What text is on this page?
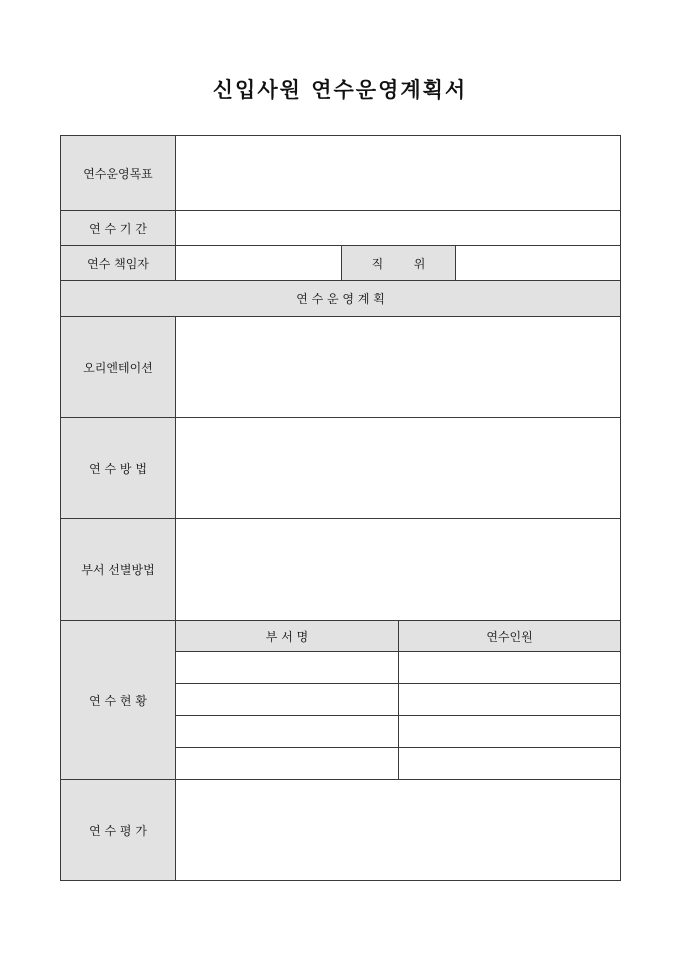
신입사원 연수운영계획서
연수운영목표				
연 수 기 간				
연수 책임자		직        위		
연 수 운 영 계 획				
오리엔테이션				
연 수 방 법				
부서 선별방법				
연 수 현 황	부 서 명		연수인원	

연 수 평 가				
